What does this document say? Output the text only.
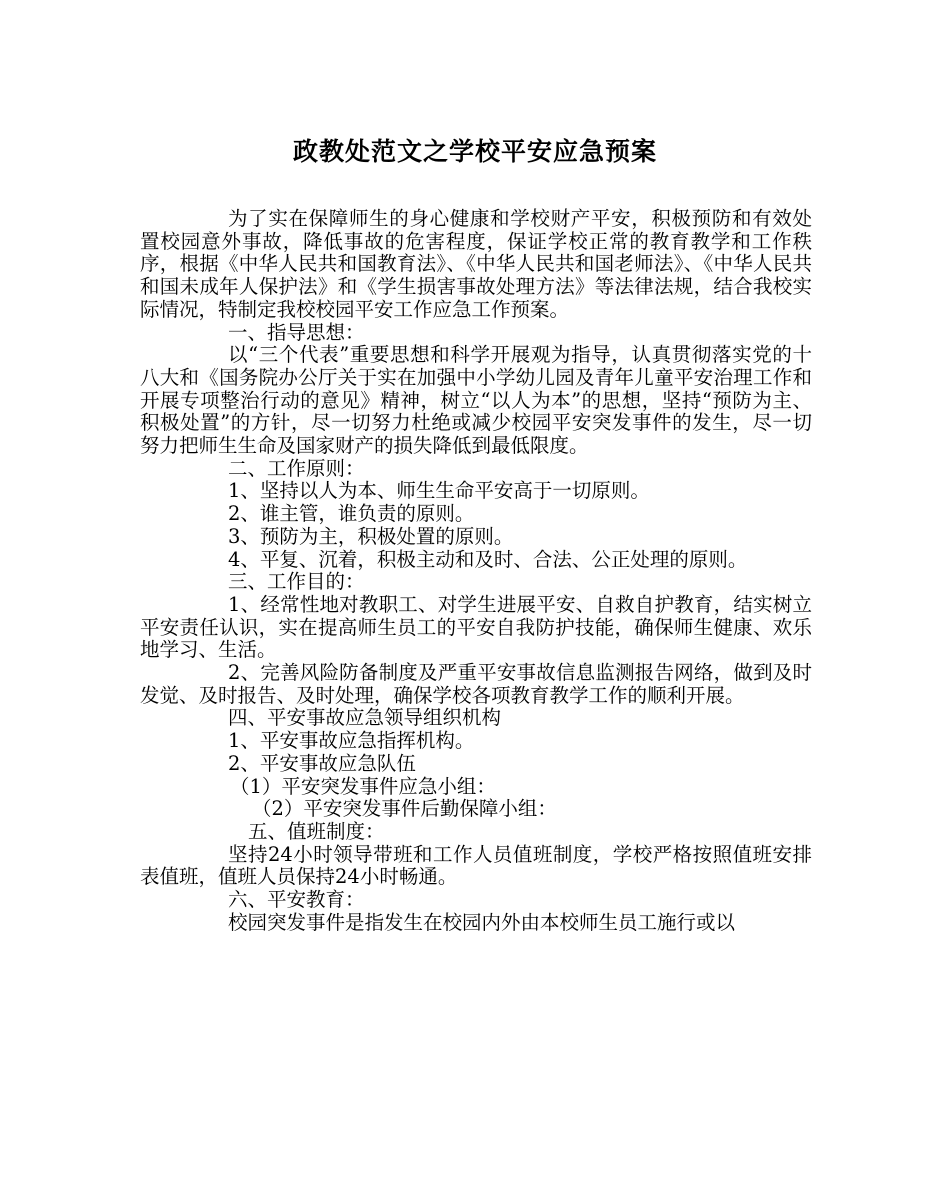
政教处范文之学校平安应急预案

为了实在保障师生的身心健康和学校财产平安，积极预防和有效处置校园意外事故，降低事故的危害程度，保证学校正常的教育教学和工作秩序，根据《中华人民共和国教育法》、《中华人民共和国老师法》、《中华人民共和国未成年人保护法》和《学生损害事故处理方法》等法律法规，结合我校实际情况，特制定我校校园平安工作应急工作预案。

一、指导思想：

以“三个代表”重要思想和科学开展观为指导，认真贯彻落实党的十八大和《国务院办公厅关于实在加强中小学幼儿园及青年儿童平安治理工作和开展专项整治行动的意见》精神，树立“以人为本”的思想，坚持“预防为主、积极处置”的方针，尽一切努力杜绝或减少校园平安突发事件的发生，尽一切努力把师生生命及国家财产的损失降低到最低限度。

二、工作原则：

1、坚持以人为本、师生生命平安高于一切原则。

2、谁主管，谁负责的原则。

3、预防为主，积极处置的原则。

4、平复、沉着，积极主动和及时、合法、公正处理的原则。

三、工作目的：

1、经常性地对教职工、对学生进展平安、自救自护教育，结实树立平安责任认识，实在提高师生员工的平安自我防护技能，确保师生健康、欢乐地学习、生活。

2、完善风险防备制度及严重平安事故信息监测报告网络，做到及时发觉、及时报告、及时处理，确保学校各项教育教学工作的顺利开展。

四、平安事故应急领导组织机构

1、平安事故应急指挥机构。

2、平安事故应急队伍

（1）平安突发事件应急小组：

（2）平安突发事件后勤保障小组：

五、值班制度：

坚持24小时领导带班和工作人员值班制度，学校严格按照值班安排表值班，值班人员保持24小时畅通。

六、平安教育：

校园突发事件是指发生在校园内外由本校师生员工施行或以
